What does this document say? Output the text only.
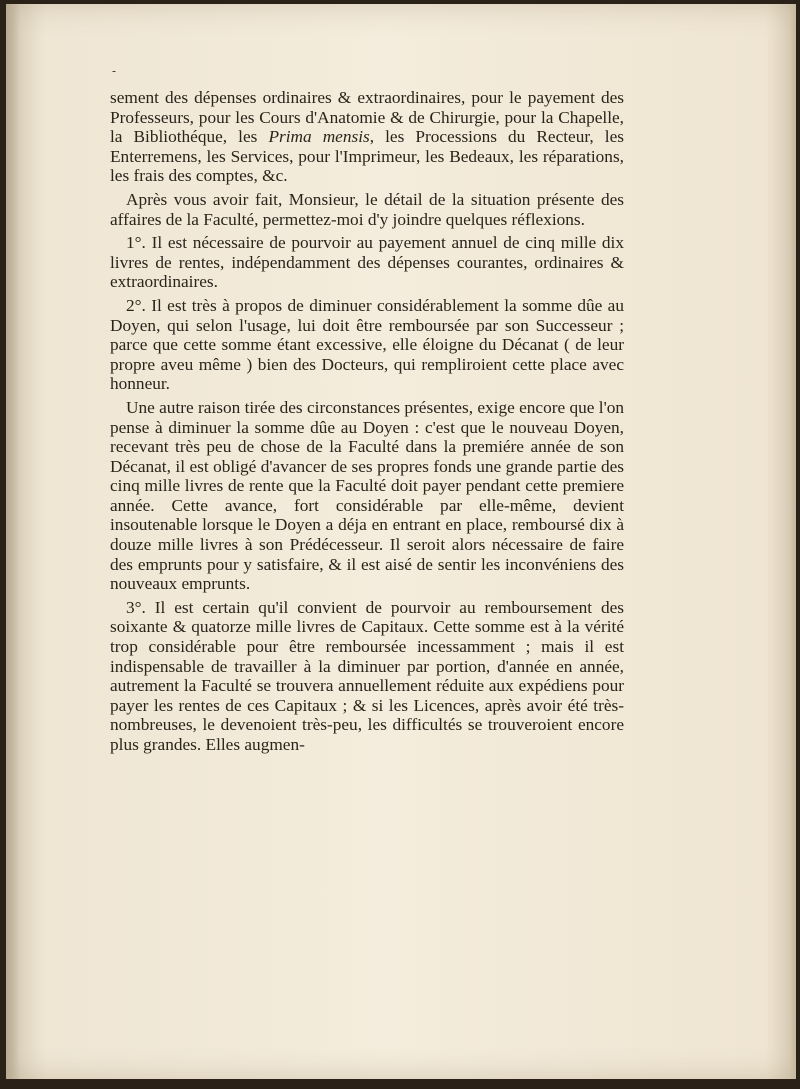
-

sement des dépenses ordinaires & extraordinaires, pour le payement des Professeurs, pour les Cours d'Anatomie & de Chirurgie, pour la Chapelle, la Bibliothéque, les Prima mensis, les Processions du Recteur, les Enterremens, les Services, pour l'Imprimeur, les Bedeaux, les réparations, les frais des comptes, &c.

Après vous avoir fait, Monsieur, le détail de la situation présente des affaires de la Faculté, permettez-moi d'y joindre quelques réflexions.

1°. Il est nécessaire de pourvoir au payement annuel de cinq mille dix livres de rentes, indépendamment des dépenses courantes, ordinaires & extraordinaires.

2°. Il est très à propos de diminuer considérablement la somme dûe au Doyen, qui selon l'usage, lui doit être remboursée par son Successeur ; parce que cette somme étant excessive, elle éloigne du Décanat ( de leur propre aveu même ) bien des Docteurs, qui rempliroient cette place avec honneur.

Une autre raison tirée des circonstances présentes, exige encore que l'on pense à diminuer la somme dûe au Doyen : c'est que le nouveau Doyen, recevant très peu de chose de la Faculté dans la premiére année de son Décanat, il est obligé d'avancer de ses propres fonds une grande partie des cinq mille livres de rente que la Faculté doit payer pendant cette premiere année. Cette avance, fort considérable par elle-même, devient insoutenable lorsque le Doyen a déja en entrant en place, remboursé dix à douze mille livres à son Prédécesseur. Il seroit alors nécessaire de faire des emprunts pour y satisfaire, & il est aisé de sentir les inconvéniens des nouveaux emprunts.

3°. Il est certain qu'il convient de pourvoir au remboursement des soixante & quatorze mille livres de Capitaux. Cette somme est à la vérité trop considérable pour être remboursée incessamment ; mais il est indispensable de travailler à la diminuer par portion, d'année en année, autrement la Faculté se trouvera annuellement réduite aux expédiens pour payer les rentes de ces Capitaux ; & si les Licences, après avoir été très-nombreuses, le devenoient très-peu, les difficultés se trouveroient encore plus grandes. Elles augmen-
